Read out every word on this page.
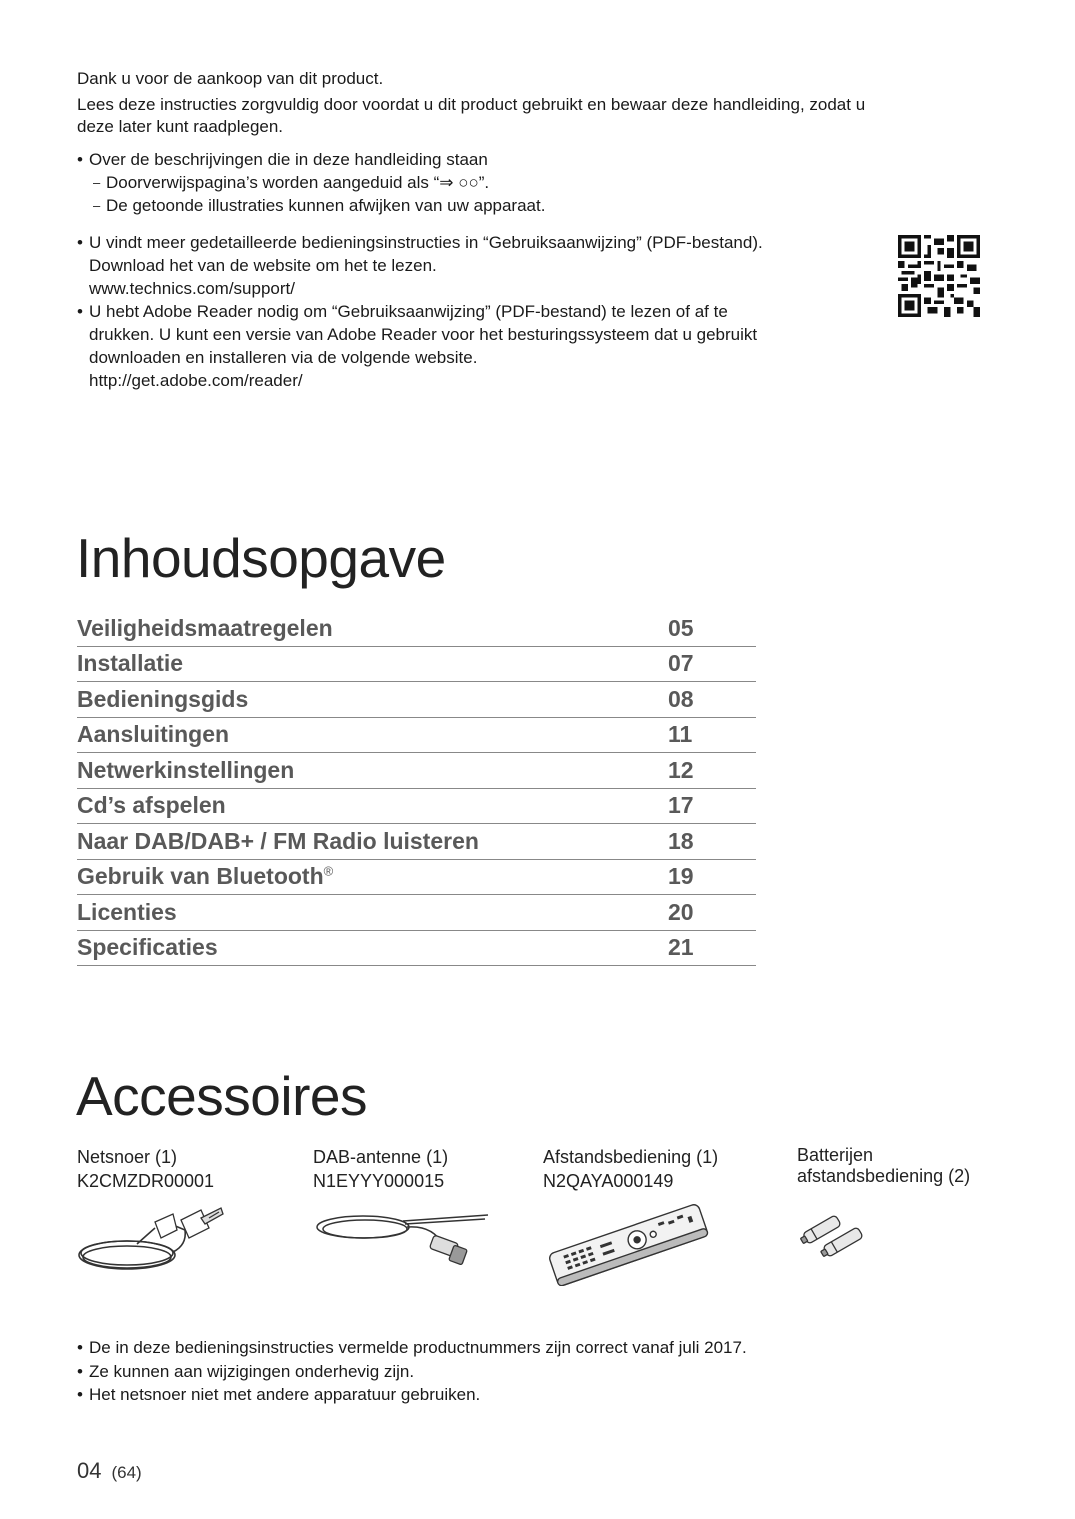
Dank u voor de aankoop van dit product.
Lees deze instructies zorgvuldig door voordat u dit product gebruikt en bewaar deze handleiding, zodat u
deze later kunt raadplegen.
• Over de beschrijvingen die in deze handleiding staan
– Doorverwijspagina’s worden aangeduid als “⇒ ○○”.
– De getoonde illustraties kunnen afwijken van uw apparaat.
• U vindt meer gedetailleerde bedieningsinstructies in “Gebruiksaanwijzing” (PDF-bestand).
Download het van de website om het te lezen.
www.technics.com/support/
• U hebt Adobe Reader nodig om “Gebruiksaanwijzing” (PDF-bestand) te lezen of af te
drukken. U kunt een versie van Adobe Reader voor het besturingssysteem dat u gebruikt
downloaden en installeren via de volgende website.
http://get.adobe.com/reader/
Inhoudsopgave
Veiligheidsmaatregelen	05
Installatie	07
Bedieningsgids	08
Aansluitingen	11
Netwerkinstellingen	12
Cd’s afspelen	17
Naar DAB/DAB+ / FM Radio luisteren	18
Gebruik van Bluetooth®	19
Licenties	20
Specificaties	21
Accessoires
Netsnoer (1)
K2CMZDR00001
DAB-antenne (1)
N1EYYY000015
Afstandsbediening (1)
N2QAYA000149
Batterijen
afstandsbediening (2)
• De in deze bedieningsinstructies vermelde productnummers zijn correct vanaf juli 2017.
• Ze kunnen aan wijzigingen onderhevig zijn.
• Het netsnoer niet met andere apparatuur gebruiken.
04 (64)
